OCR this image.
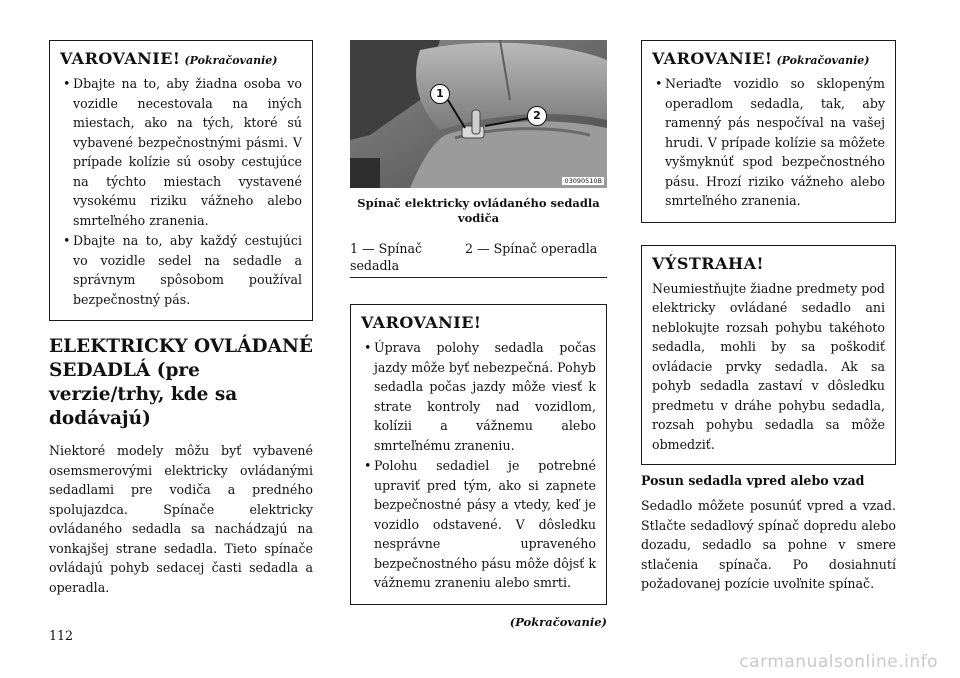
VAROVANIE! (Pokračovanie)
• Dbajte na to, aby žiadna osoba vo vozidle necestovala na iných miestach, ako na tých, ktoré sú vybavené bezpečnostnými pásmi. V prípade kolízie sú osoby cestujúce na týchto miestach vystavené vysokému riziku vážneho alebo smrteľného zranenia.
• Dbajte na to, aby každý cestujúci vo vozidle sedel na sedadle a správnym spôsobom používal bezpečnostný pás.
ELEKTRICKY OVLÁDANÉ SEDADLÁ (pre verzie/trhy, kde sa dodávajú)

Niektoré modely môžu byť vybavené osemsmerovými elektricky ovládanými sedadlami pre vodiča a predného spolujazdca. Spínače elektricky ovládaného sedadla sa nachádzajú na vonkajšej strane sedadla. Tieto spínače ovládajú pohyb sedacej časti sedadla a operadla.

1
2
03090510B
Spínač elektricky ovládaného sedadla vodiča
1 — Spínač sedadla
2 — Spínač operadla
VAROVANIE!
• Úprava polohy sedadla počas jazdy môže byť nebezpečná. Pohyb sedadla počas jazdy môže viesť k strate kontroly nad vozidlom, kolízii a vážnemu alebo smrteľnému zraneniu.
• Polohu sedadiel je potrebné upraviť pred tým, ako si zapnete bezpečnostné pásy a vtedy, keď je vozidlo odstavené. V dôsledku nesprávne upraveného bezpečnostného pásu môže dôjsť k vážnemu zraneniu alebo smrti.
(Pokračovanie)
VAROVANIE! (Pokračovanie)
• Neriaďte vozidlo so sklopeným operadlom sedadla, tak, aby ramenný pás nespočíval na vašej hrudi. V prípade kolízie sa môžete vyšmyknúť spod bezpečnostného pásu. Hrozí riziko vážneho alebo smrteľného zranenia.
VÝSTRAHA!

Neumiestňujte žiadne predmety pod elektricky ovládané sedadlo ani neblokujte rozsah pohybu takéhoto sedadla, mohli by sa poškodiť ovládacie prvky sedadla. Ak sa pohyb sedadla zastaví v dôsledku predmetu v dráhe pohybu sedadla, rozsah pohybu sedadla sa môže obmedziť.

Posun sedadla vpred alebo vzad

Sedadlo môžete posunúť vpred a vzad. Stlačte sedadlový spínač dopredu alebo dozadu, sedadlo sa pohne v smere stlačenia spínača. Po dosiahnutí požadovanej pozície uvoľnite spínač.

112
carmanualsonline.info
